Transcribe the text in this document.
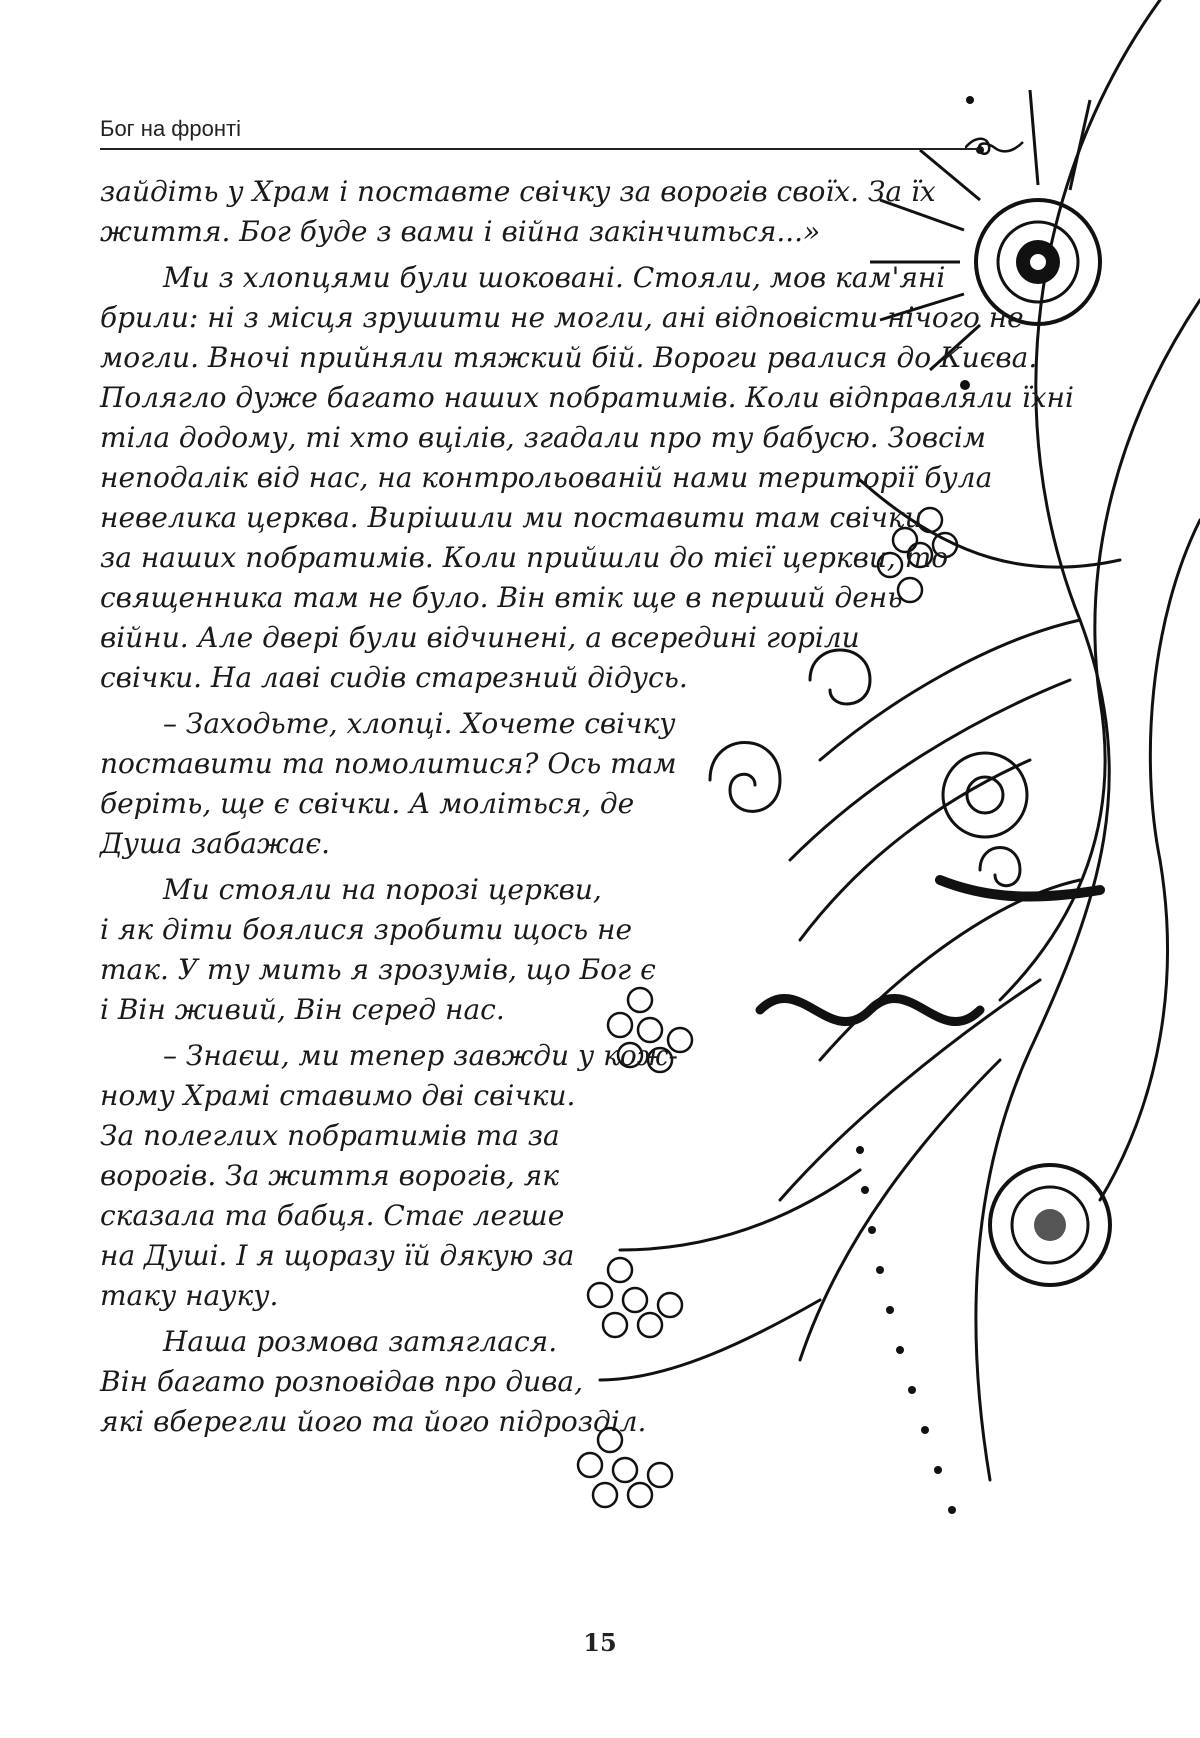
Бог на фронті
зайдіть у Храм і поставте свічку за ворогів своїх. За їх
життя. Бог буде з вами і війна закінчиться...»
Ми з хлопцями були шоковані. Стояли, мов кам'яні
брили: ні з місця зрушити не могли, ані відповісти нічого не
могли. Вночі прийняли тяжкий бій. Вороги рвалися до Києва.
Полягло дуже багато наших побратимів. Коли відправляли їхні
тіла додому, ті хто вцілів, згадали про ту бабусю. Зовсім
неподалік від нас, на контрольованій нами території була
невелика церква. Вирішили ми поставити там свічки
за наших побратимів. Коли прийшли до тієї церкви, то
священника там не було. Він втік ще в перший день
війни. Але двері були відчинені, а всередині горіли
свічки. На лаві сидів старезний дідусь.
– Заходьте, хлопці. Хочете свічку
поставити та помолитися? Ось там
беріть, ще є свічки. А моліться, де
Душа забажає.
Ми стояли на порозі церкви,
і як діти боялися зробити щось не
так. У ту мить я зрозумів, що Бог є
і Він живий, Він серед нас.
– Знаєш, ми тепер завжди у кож-
ному Храмі ставимо дві свічки.
За полеглих побратимів та за
ворогів. За життя ворогів, як
сказала та бабця. Стає легше
на Душі. І я щоразу їй дякую за
таку науку.
Наша розмова затяглася.
Він багато розповідав про дива,
які вберегли його та його підрозділ.
15
